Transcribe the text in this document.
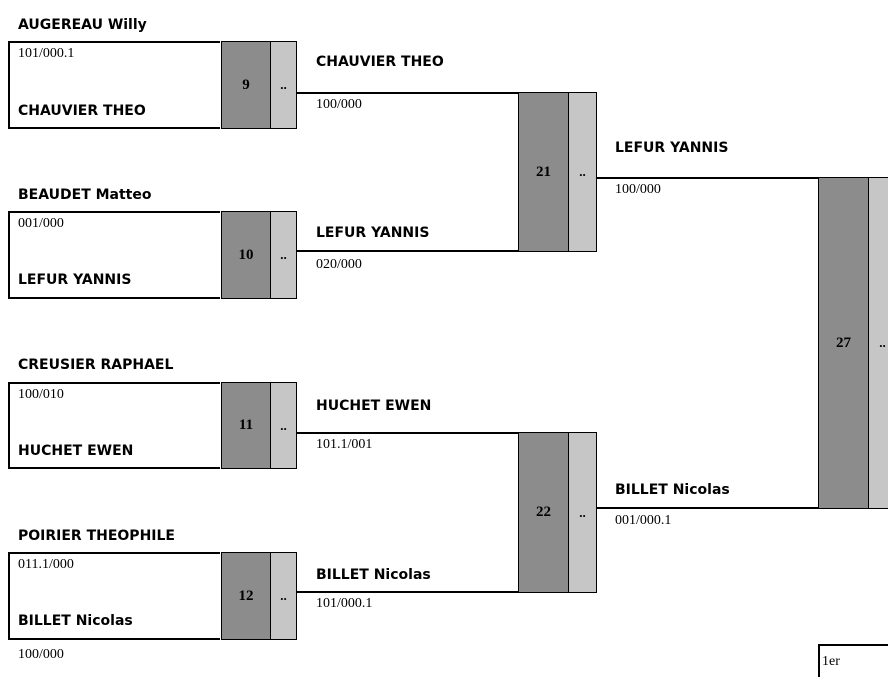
AUGEREAU Willy
101/000.1
CHAUVIER THEO
9	..
BEAUDET Matteo
001/000
LEFUR YANNIS
10	..
CREUSIER RAPHAEL
100/010
HUCHET EWEN
11	..
POIRIER THEOPHILE
011.1/000
BILLET Nicolas
100/000
12	..
CHAUVIER THEO
100/000
LEFUR YANNIS
020/000
21	..
HUCHET EWEN
101.1/001
BILLET Nicolas
101/000.1
22	..
LEFUR YANNIS
100/000
BILLET Nicolas
001/000.1
27	..
1er
